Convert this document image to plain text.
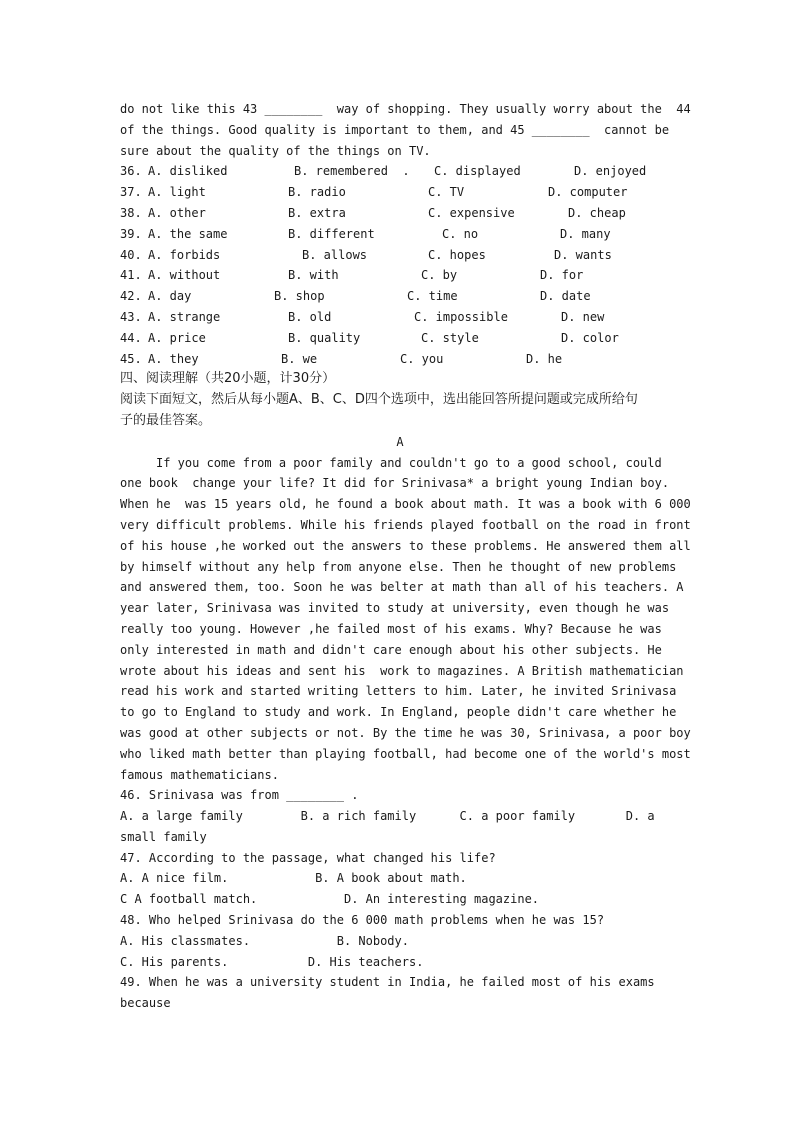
do not like this 43 ________  way of shopping. They usually worry about the  44
of the things. Good quality is important to them, and 45 ________  cannot be
sure about the quality of the things on TV.
36. A. disliked	B. remembered  .	C. displayed	D. enjoyed
37. A. light	B. radio	C. TV	D. computer
38. A. other	B. extra	C. expensive	D. cheap
39. A. the same	B. different	C. no	D. many
40. A. forbids	B. allows	C. hopes	D. wants
41. A. without	B. with	C. by	D. for
42. A. day	B. shop	C. time	D. date
43. A. strange	B. old	C. impossible	D. new
44. A. price	B. quality	C. style	D. color
45. A. they	B. we	C. you	D. he
四、阅读理解（共20小题，计30分）
阅读下面短文，然后从每小题A、B、C、D四个选项中，选出能回答所提问题或完成所给句
子的最佳答案。
A
If you come from a poor family and couldn't go to a good school, could
one book  change your life? It did for Srinivasa* a bright young Indian boy.
When he  was 15 years old, he found a book about math. It was a book with 6 000
very difficult problems. While his friends played football on the road in front
of his house ,he worked out the answers to these problems. He answered them all
by himself without any help from anyone else. Then he thought of new problems
and answered them, too. Soon he was belter at math than all of his teachers. A
year later, Srinivasa was invited to study at university, even though he was
really too young. However ,he failed most of his exams. Why? Because he was
only interested in math and didn't care enough about his other subjects. He
wrote about his ideas and sent his  work to magazines. A British mathematician
read his work and started writing letters to him. Later, he invited Srinivasa
to go to England to study and work. In England, people didn't care whether he
was good at other subjects or not. By the time he was 30, Srinivasa, a poor boy
who liked math better than playing football, had become one of the world's most
famous mathematicians.
46. Srinivasa was from ________ .
A. a large family        B. a rich family      C. a poor family       D. a
small family
47. According to the passage, what changed his life?
A. A nice film.            B. A book about math.
C A football match.            D. An interesting magazine.
48. Who helped Srinivasa do the 6 000 math problems when he was 15?
A. His classmates.            B. Nobody.
C. His parents.           D. His teachers.
49. When he was a university student in India, he failed most of his exams
because
